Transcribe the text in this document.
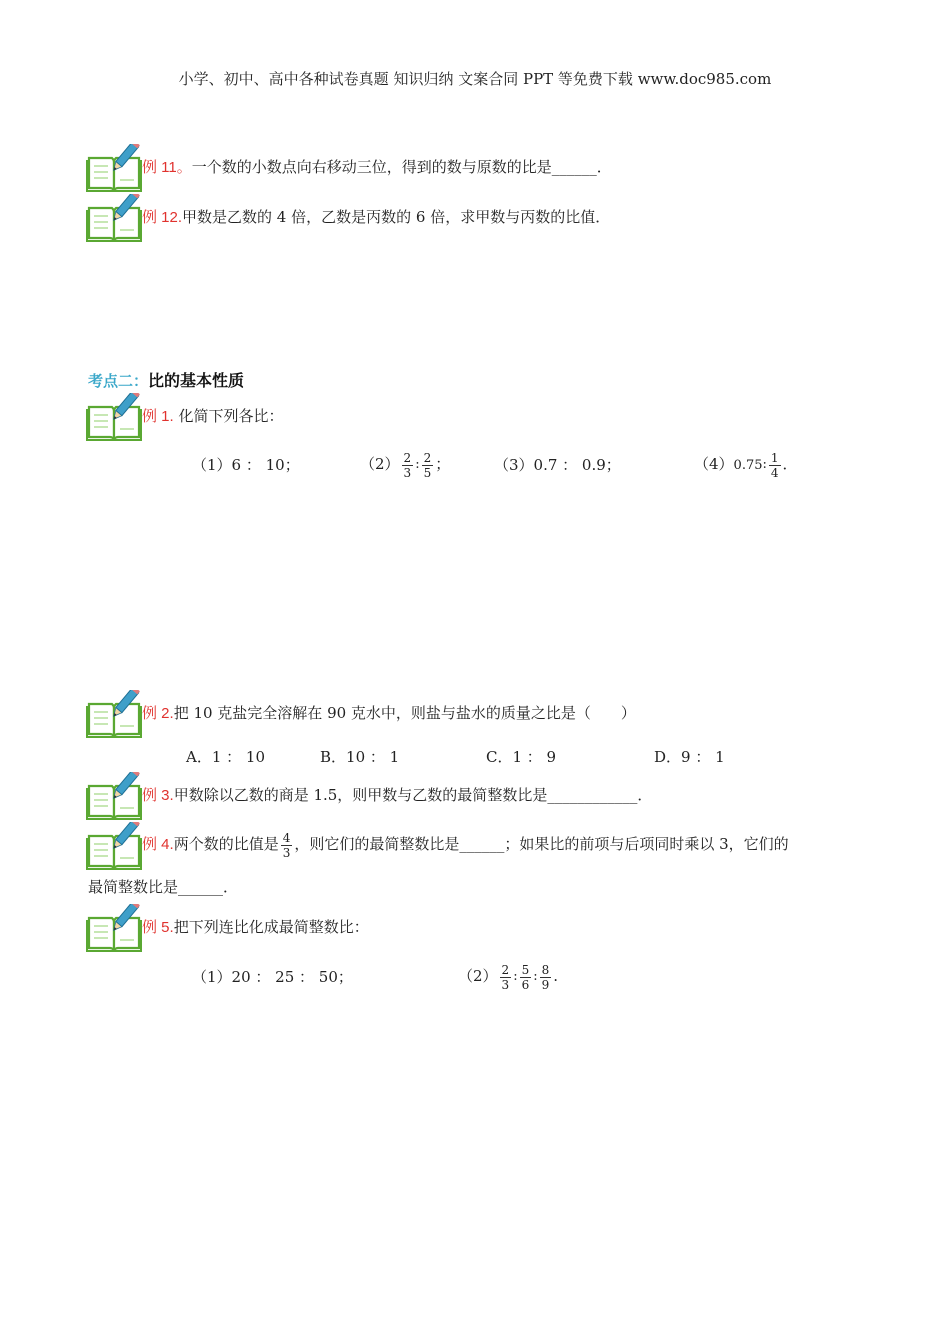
小学、初中、高中各种试卷真题 知识归纳 文案合同 PPT 等免费下载 www.doc985.com
例 11。一个数的小数点向右移动三位，得到的数与原数的比是______．
例 12.甲数是乙数的 4 倍，乙数是丙数的 6 倍，求甲数与丙数的比值．
考点二：比的基本性质
例 1. 化简下列各比：
（1）6 ： 10；	$(2) \frac{2}{3}$ : $\frac{2}{5}$ ；	（3）0.7 ： 0.9；	（4）0.75: $\frac{1}{4}$ ．
例 2.把 10 克盐完全溶解在 90 克水中，则盐与盐水的质量之比是（　　）
A．1 ： 10	B．10 ： 1	C．1 ： 9	D．9 ： 1
例 3.甲数除以乙数的商是 1.5，则甲数与乙数的最简整数比是____________．
例 4.两个数的比值是 $\frac{4}{3}$ ，则它们的最简整数比是______；如果比的前项与后项同时乘以 3，它们的
最简整数比是______．
例 5.把下列连比化成最简整数比：
（1）20 ： 25 ： 50；	$(2) \frac{2}{3}$ : $\frac{5}{6}$ : $\frac{8}{9}$ .
